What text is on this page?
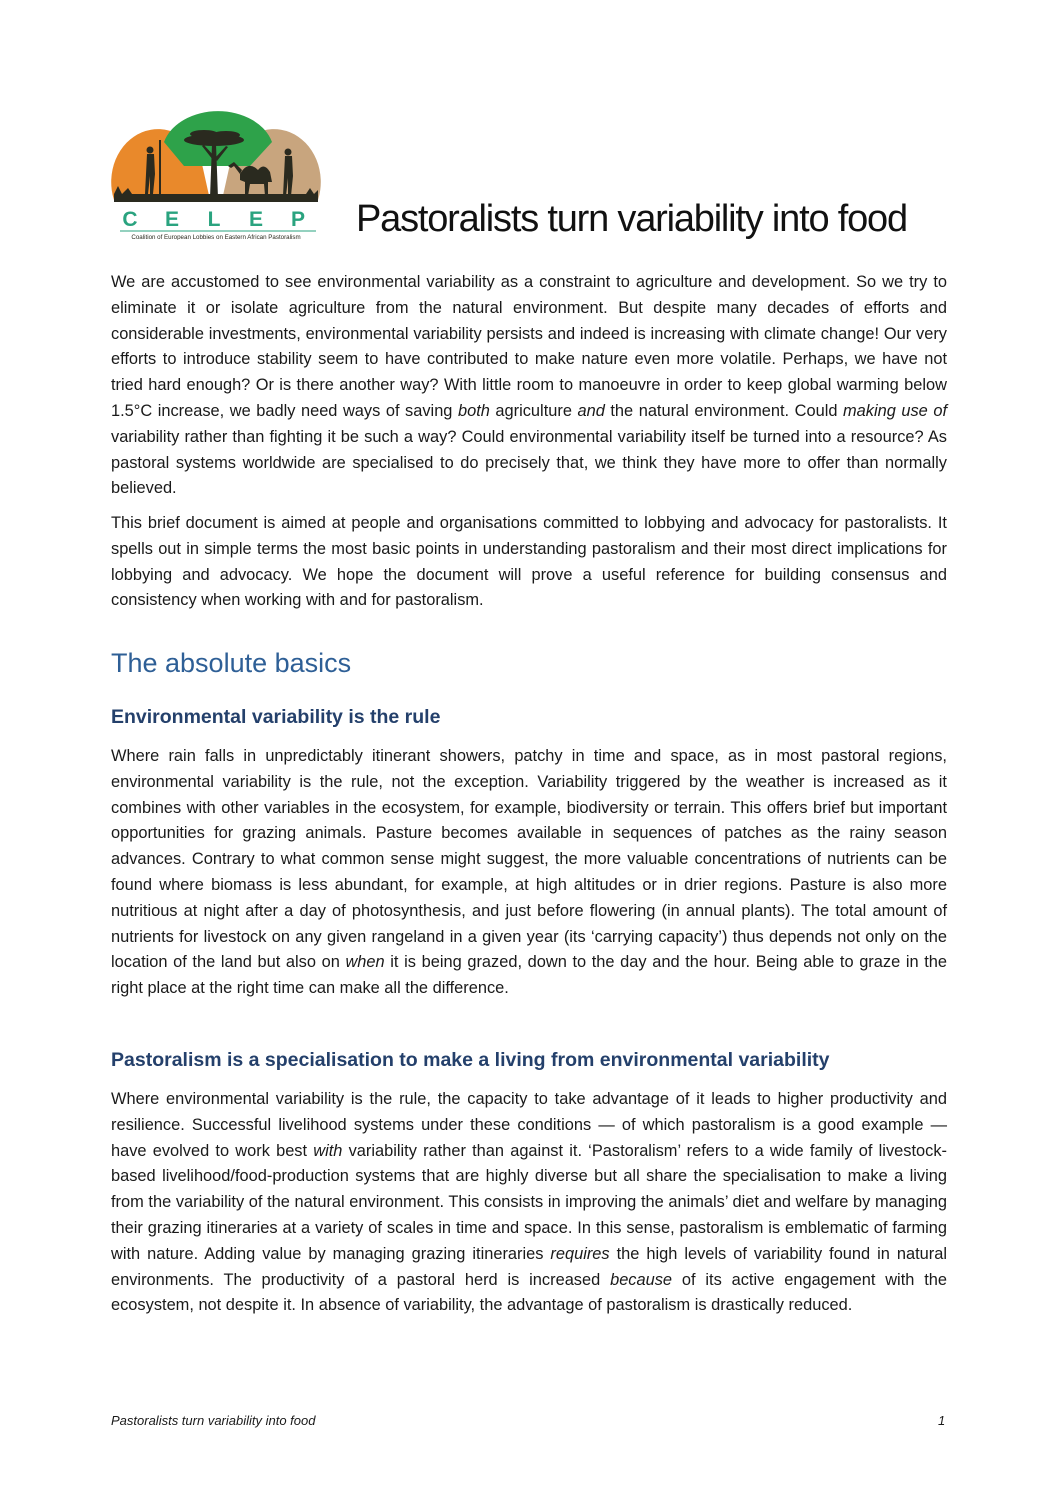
C E L E P
Coalition of European Lobbies on Eastern African Pastoralism Pastoralists turn variability into food

We are accustomed to see environmental variability as a constraint to agriculture and development. So we try to eliminate it or isolate agriculture from the natural environment. But despite many decades of efforts and considerable investments, environmental variability persists and indeed is increasing with climate change! Our very efforts to introduce stability seem to have contributed to make nature even more volatile. Perhaps, we have not tried hard enough? Or is there another way? With little room to manoeuvre in order to keep global warming below 1.5°C increase, we badly need ways of saving both agriculture and the natural environment. Could making use of variability rather than fighting it be such a way? Could environmental variability itself be turned into a resource? As pastoral systems worldwide are specialised to do precisely that, we think they have more to offer than normally believed.

This brief document is aimed at people and organisations committed to lobbying and advocacy for pastoralists. It spells out in simple terms the most basic points in understanding pastoralism and their most direct implications for lobbying and advocacy. We hope the document will prove a useful reference for building consensus and consistency when working with and for pastoralism.

The absolute basics
Environmental variability is the rule

Where rain falls in unpredictably itinerant showers, patchy in time and space, as in most pastoral regions, environmental variability is the rule, not the exception. Variability triggered by the weather is increased as it combines with other variables in the ecosystem, for example, biodiversity or terrain. This offers brief but important opportunities for grazing animals. Pasture becomes available in sequences of patches as the rainy season advances. Contrary to what common sense might suggest, the more valuable concentrations of nutrients can be found where biomass is less abundant, for example, at high altitudes or in drier regions. Pasture is also more nutritious at night after a day of photosynthesis, and just before flowering (in annual plants). The total amount of nutrients for livestock on any given rangeland in a given year (its ‘carrying capacity’) thus depends not only on the location of the land but also on when it is being grazed, down to the day and the hour. Being able to graze in the right place at the right time can make all the difference.

Pastoralism is a specialisation to make a living from environmental variability

Where environmental variability is the rule, the capacity to take advantage of it leads to higher productivity and resilience. Successful livelihood systems under these conditions — of which pastoralism is a good example — have evolved to work best with variability rather than against it. ‘Pastoralism’ refers to a wide family of livestock-based livelihood/food-production systems that are highly diverse but all share the specialisation to make a living from the variability of the natural environment. This consists in improving the animals’ diet and welfare by managing their grazing itineraries at a variety of scales in time and space. In this sense, pastoralism is emblematic of farming with nature. Adding value by managing grazing itineraries requires the high levels of variability found in natural environments. The productivity of a pastoral herd is increased because of its active engagement with the ecosystem, not despite it. In absence of variability, the advantage of pastoralism is drastically reduced.

Pastoralists turn variability into food	1
